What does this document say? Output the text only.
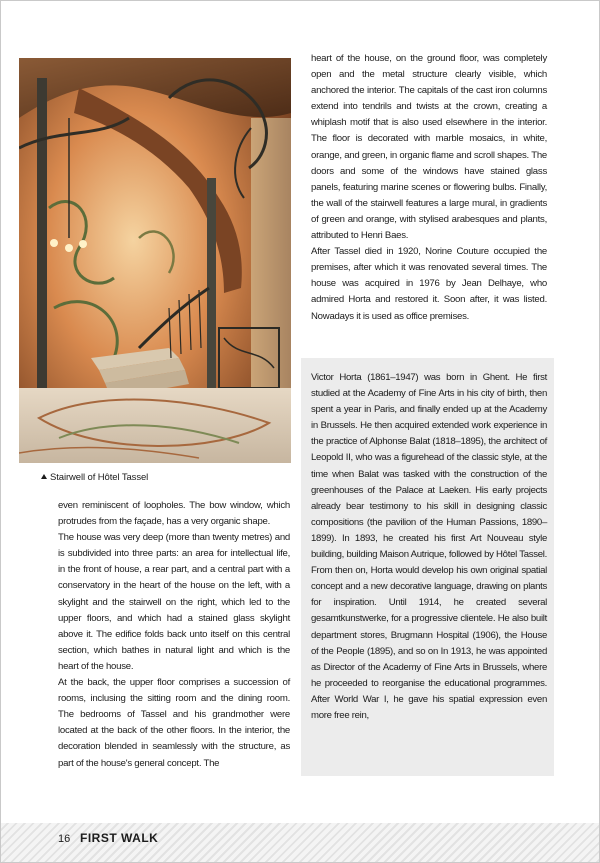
Stairwell of Hôtel Tassel

heart of the house, on the ground floor, was completely open and the metal structure clearly visible, which anchored the interior. The capitals of the cast iron columns extend into tendrils and twists at the crown, creating a whiplash motif that is also used elsewhere in the interior. The floor is decorated with marble mosaics, in white, orange, and green, in organic flame and scroll shapes. The doors and some of the windows have stained glass panels, featuring marine scenes or flowering bulbs. Finally, the wall of the stairwell features a large mural, in gradients of green and orange, with stylised arabesques and plants, attributed to Henri Baes.

After Tassel died in 1920, Norine Couture occupied the premises, after which it was renovated several times. The house was acquired in 1976 by Jean Delhaye, who admired Horta and restored it. Soon after, it was listed. Nowadays it is used as office premises.

Victor Horta (1861–1947) was born in Ghent. He first studied at the Academy of Fine Arts in his city of birth, then spent a year in Paris, and finally ended up at the Academy in Brussels. He then acquired extended work experience in the practice of Alphonse Balat (1818–1895), the architect of Leopold II, who was a figurehead of the classic style, at the time when Balat was tasked with the construction of the greenhouses of the Palace at Laeken. His early projects already bear testimony to his skill in designing classic compositions (the pavilion of the Human Passions, 1890–1899). In 1893, he created his first Art Nouveau style building, building Maison Autrique, followed by Hôtel Tassel. From then on, Horta would develop his own original spatial concept and a new decorative language, drawing on plants for inspiration. Until 1914, he created several gesamtkunstwerke, for a progressive clientele. He also built department stores, Brugmann Hospital (1906), the House of the People (1895), and so on In 1913, he was appointed as Director of the Academy of Fine Arts in Brussels, where he proceeded to reorganise the educational programmes. After World War I, he gave his spatial expression even more free rein,

even reminiscent of loopholes. The bow window, which protrudes from the façade, has a very organic shape.

The house was very deep (more than twenty metres) and is subdivided into three parts: an area for intellectual life, in the front of house, a rear part, and a central part with a conservatory in the heart of the house on the left, with a skylight and the stairwell on the right, which led to the upper floors, and which had a stained glass skylight above it. The edifice folds back unto itself on this central section, which bathes in natural light and which is the heart of the house.

At the back, the upper floor comprises a succession of rooms, inclusing the sitting room and the dining room. The bedrooms of Tassel and his grandmother were located at the back of the other floors. In the interior, the decoration blended in seamlessly with the structure, as part of the house's general concept. The

16 FIRST WALK
